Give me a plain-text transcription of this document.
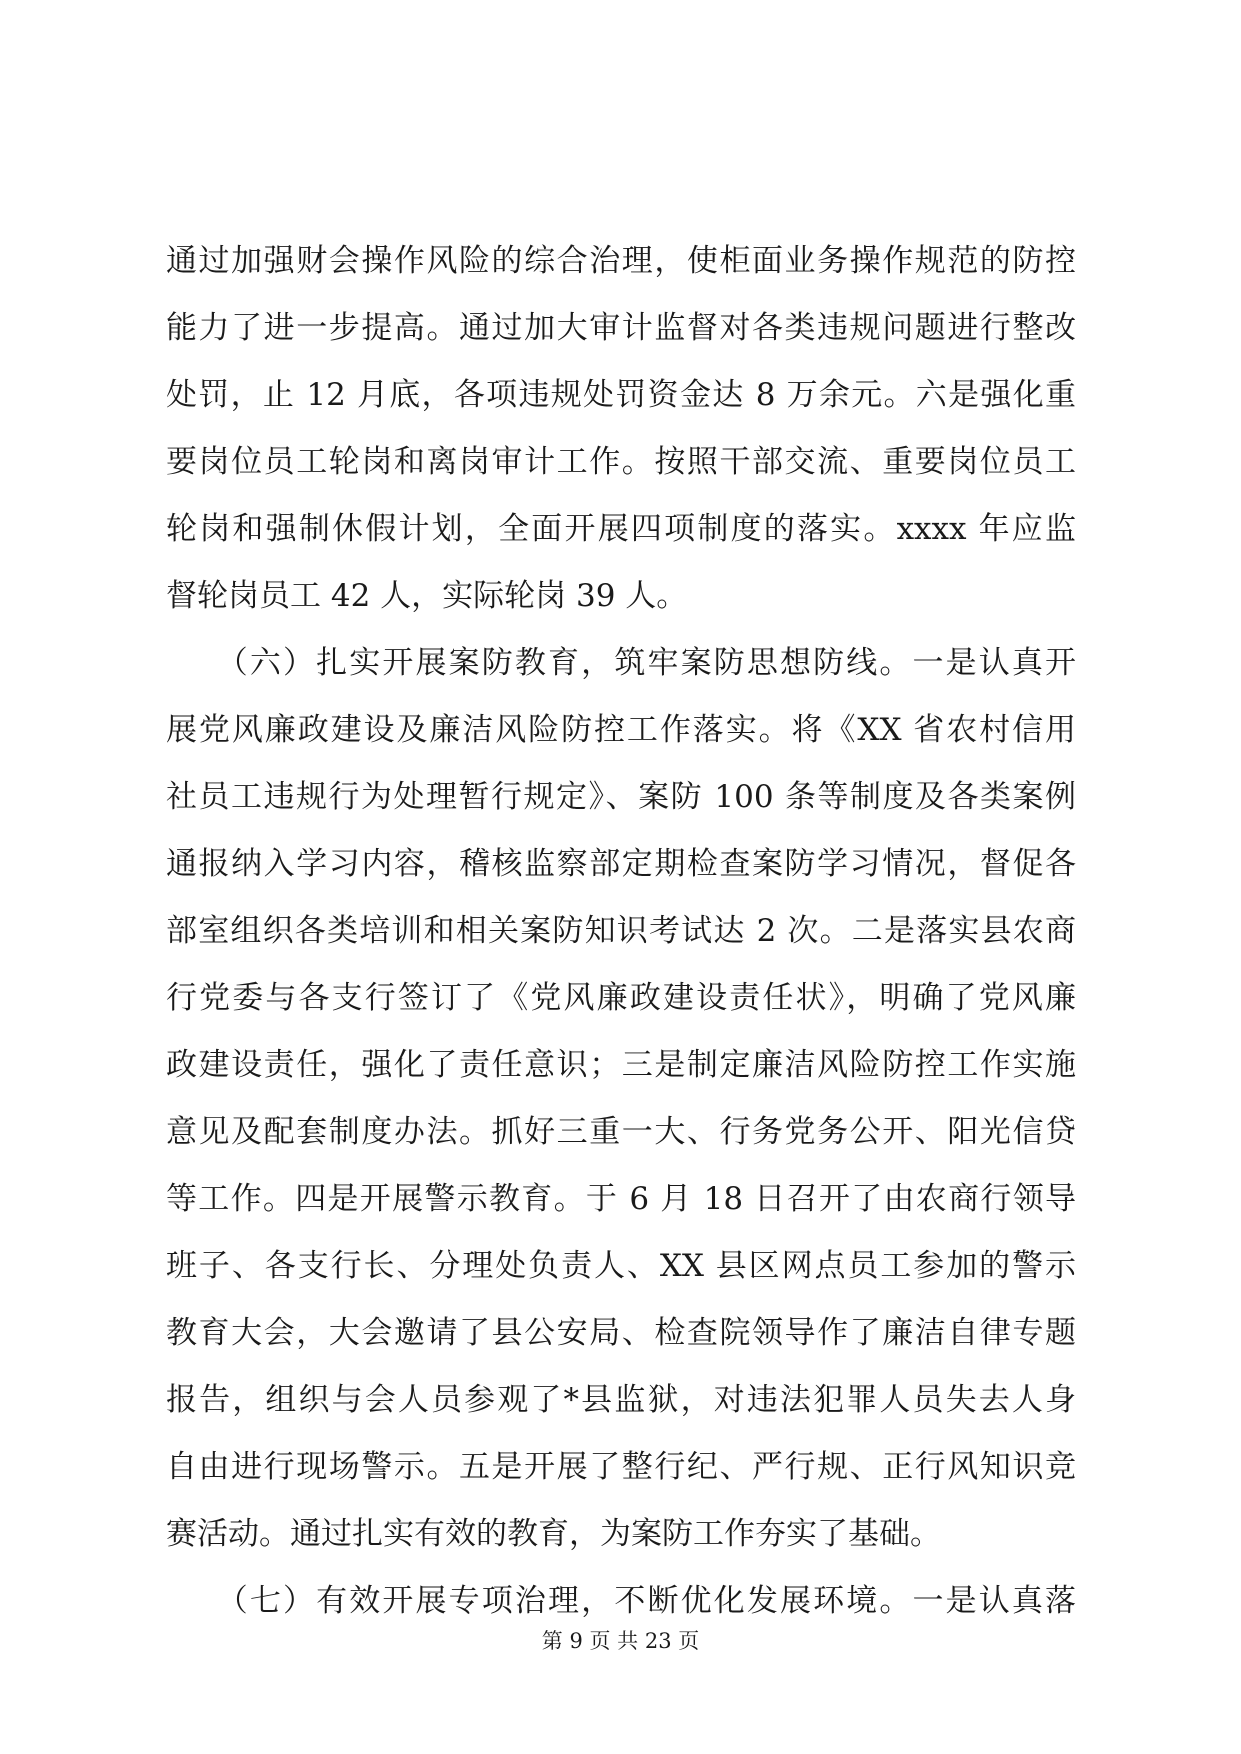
通过加强财会操作风险的综合治理，使柜面业务操作规范的防控
能力了进一步提高。通过加大审计监督对各类违规问题进行整改
处罚，止 12 月底，各项违规处罚资金达 8 万余元。六是强化重
要岗位员工轮岗和离岗审计工作。按照干部交流、重要岗位员工
轮岗和强制休假计划，全面开展四项制度的落实。xxxx 年应监
督轮岗员工 42 人，实际轮岗 39 人。
　　（六）扎实开展案防教育，筑牢案防思想防线。一是认真开
展党风廉政建设及廉洁风险防控工作落实。将《XX 省农村信用
社员工违规行为处理暂行规定》、案防 100 条等制度及各类案例
通报纳入学习内容，稽核监察部定期检查案防学习情况，督促各
部室组织各类培训和相关案防知识考试达 2 次。二是落实县农商
行党委与各支行签订了《党风廉政建设责任状》，明确了党风廉
政建设责任，强化了责任意识；三是制定廉洁风险防控工作实施
意见及配套制度办法。抓好三重一大、行务党务公开、阳光信贷
等工作。四是开展警示教育。于 6 月 18 日召开了由农商行领导
班子、各支行长、分理处负责人、XX 县区网点员工参加的警示
教育大会，大会邀请了县公安局、检查院领导作了廉洁自律专题
报告，组织与会人员参观了*县监狱，对违法犯罪人员失去人身
自由进行现场警示。五是开展了整行纪、严行规、正行风知识竞
赛活动。通过扎实有效的教育，为案防工作夯实了基础。
　　（七）有效开展专项治理，不断优化发展环境。一是认真落
第 9 页 共 23 页
